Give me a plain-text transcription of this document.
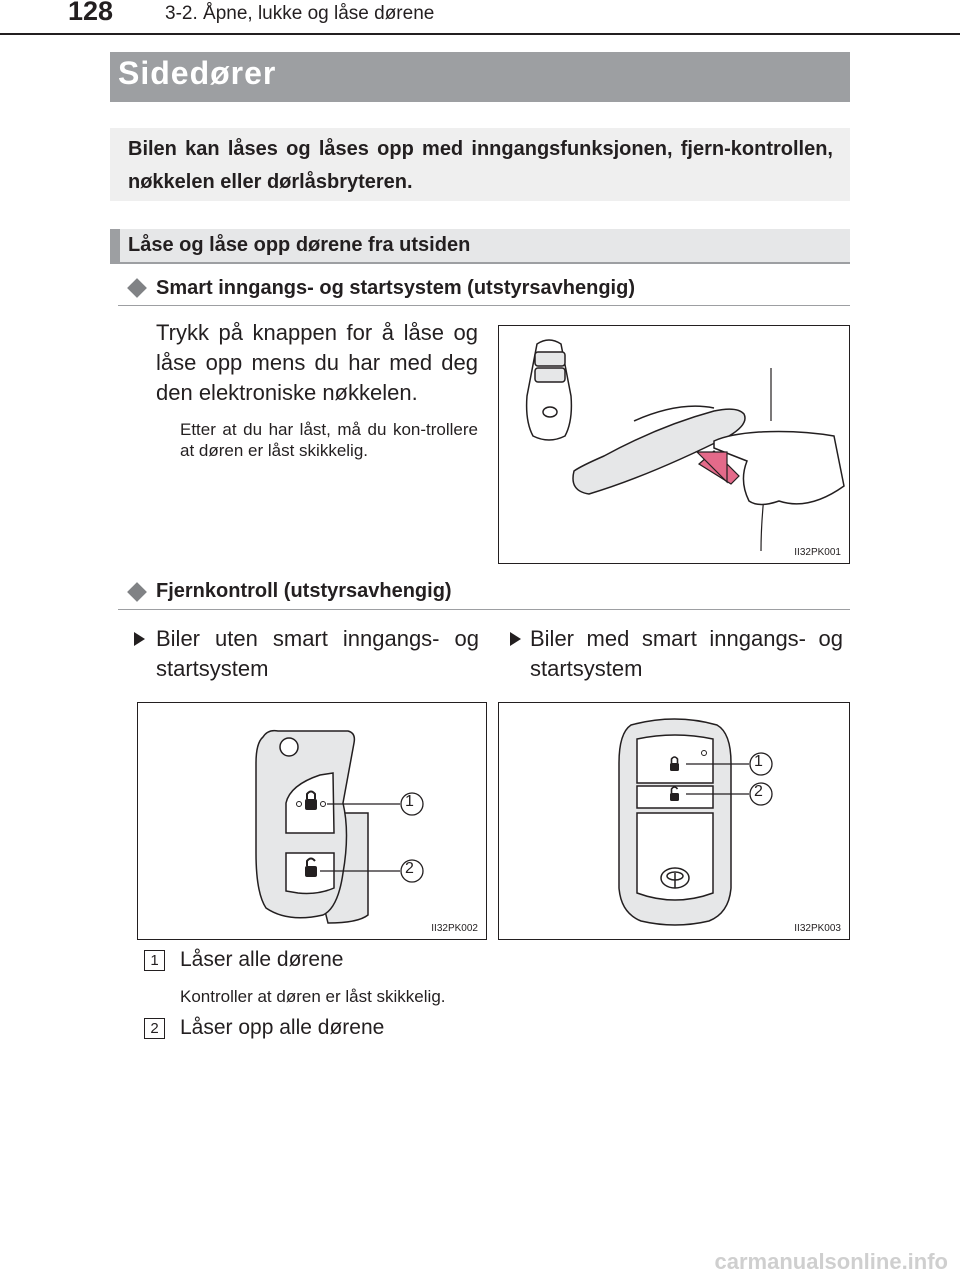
128	3-2. Åpne, lukke og låse dørene
Sidedører
Bilen kan låses og låses opp med inngangsfunksjonen, fjern-kontrollen, nøkkelen eller dørlåsbryteren.
Låse og låse opp dørene fra utsiden
Smart inngangs- og startsystem (utstyrsavhengig)
Trykk på knappen for å låse og låse opp mens du har med deg den elektroniske nøkkelen.
Etter at du har låst, må du kon-trollere at døren er låst skikkelig.
II32PK001
Fjernkontroll (utstyrsavhengig)
Biler uten smart inngangs- og startsystem
Biler med smart inngangs- og startsystem
1
2
II32PK002
1
2
II32PK003
1	Låser alle dørene
Kontroller at døren er låst skikkelig.
2	Låser opp alle dørene
carmanualsonline.info
